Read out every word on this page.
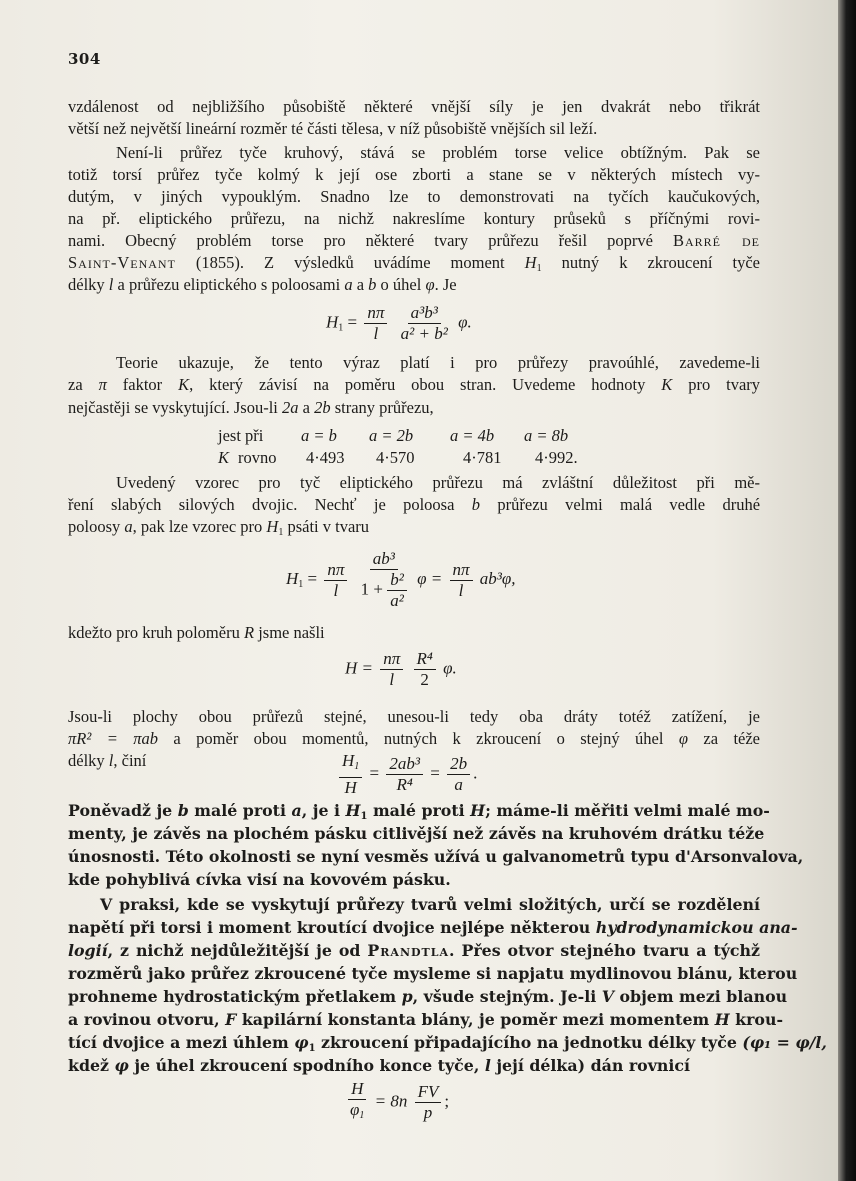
304
vzdálenost od nejbližšího působiště některé vnější síly je jen dvakrát nebo třikrát
větší než největší lineární rozměr té části tělesa, v níž působiště vnějších sil leží.
Není-li průřez tyče kruhový, stává se problém torse velice obtížným. Pak se
totiž torsí průřez tyče kolmý k její ose zborti a stane se v některých místech vy-
dutým, v jiných vypouklým. Snadno lze to demonstrovati na tyčích kaučukových,
na př. eliptického průřezu, na nichž nakreslíme kontury průseků s příčnými rovi-
nami. Obecný problém torse pro některé tvary průřezu řešil poprvé Barré de
Saint-Venant (1855). Z výsledků uvádíme moment $H_1$ nutný k zkroucení tyče
délky l a průřezu eliptického s poloosami a a b o úhel φ. Je
$H_1 = \frac{n\pi}{l}$
$\frac{\text{a³b³}}{\text{a² + b²}} \varphi$.
Teorie ukazuje, že tento výraz platí i pro průřezy pravoúhlé, zavedeme-li
za π faktor K, který závisí na poměru obou stran. Uvedeme hodnoty K pro tvary
nejčastěji se vyskytující. Jsou-li 2a a 2b strany průřezu,
jest při a = b a = 2b a = 4b a = 8b
K rovno 4·493 4·570	4·781 4·992.
Uvedený vzorec pro tyč eliptického průřezu má zvláštní důležitost při mě-
ření slabých silových dvojic. Nechť je poloosa b průřezu velmi malá vedle druhé
poloosy a, pak lze vzorec pro $H_1$ psáti v tvaru
$H_1 = \frac{n\pi}{l}$
$\frac{\text{ab³}}{1 + \frac{\text{b²}}{\text{a²}}}$ $\varphi = \frac{n\pi}{l} ab^3\varphi$,
kdežto pro kruh poloměru R jsme našli
$H = \frac{n\pi}{l}$
$\frac{\text{R⁴}}{2} \varphi$.
Jsou-li plochy obou průřezů stejné, unesou-li tedy oba dráty totéž zatížení, je
πR² = πab a poměr obou momentů, nutných k zkroucení o stejný úhel φ za téže
délky l, činí	$\frac{H_1}{H} = \frac{\text{2ab³}}{\text{R⁴}} = \frac{2b}{a}$ .
Poněvadž je b malé proti a, je i $H_1$ malé proti H; máme-li měřiti velmi malé mo-
menty, je závěs na plochém pásku citlivější než závěs na kruhovém drátku téže
únosnosti. Této okolnosti se nyní vesměs užívá u galvanometrů typu d'Arsonvalova,
kde pohyblivá cívka visí na kovovém pásku.
V praksi, kde se vyskytují průřezy tvarů velmi složitých, určí se rozdělení
napětí při torsi i moment kroutící dvojice nejlépe některou hydrodynamickou ana-
logií, z nichž nejdůležitější je od Prandtla. Přes otvor stejného tvaru a týchž
rozměrů jako průřez zkroucené tyče mysleme si napjatu mydlinovou blánu, kterou
prohneme hydrostatickým přetlakem p, všude stejným. Je-li V objem mezi blanou
a rovinou otvoru, F kapilární konstanta blány, je poměr mezi momentem H krou-
tící dvojice a mezi úhlem $\varphi_1$ zkroucení připadajícího na jednotku délky tyče (φ₁ = φ/l,
kdež φ je úhel zkroucení spodního konce tyče, l její délka) dán rovnicí
$\frac{H}{\varphi_1} = 8n \frac{FV}{p}$ ;
